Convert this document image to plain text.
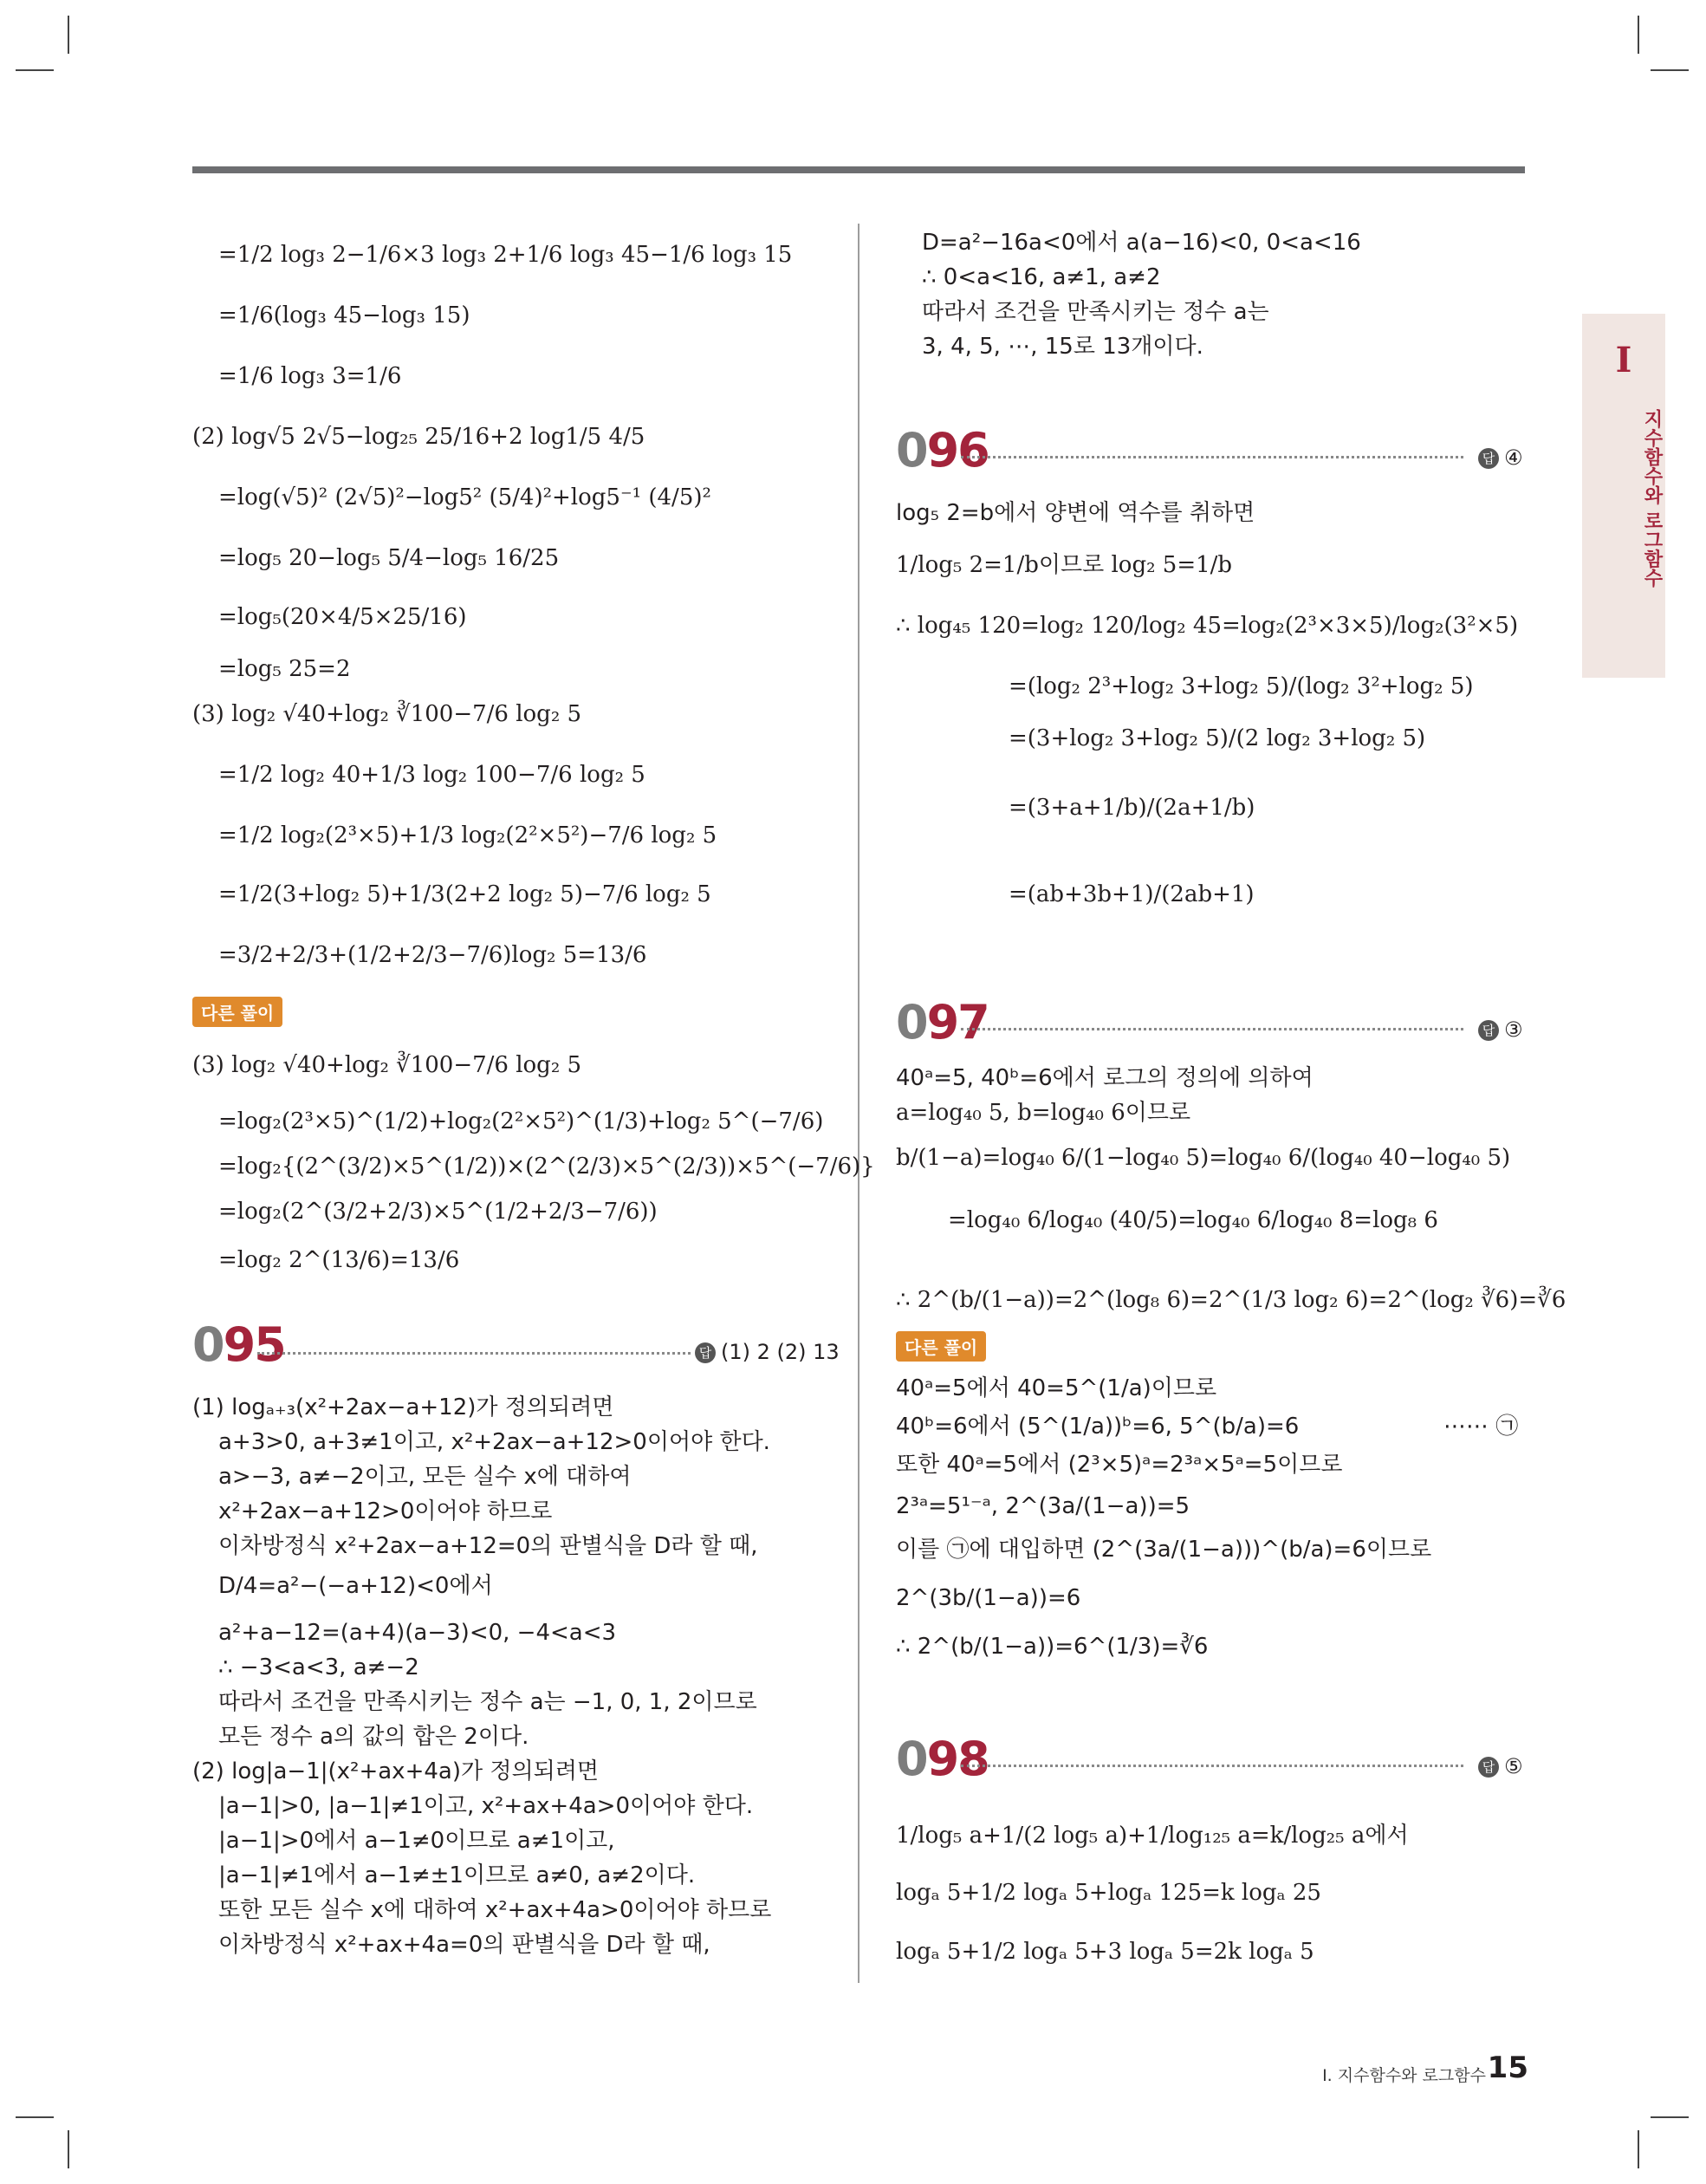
=1/2 log₃ 2−1/6×3 log₃ 2+1/6 log₃ 45−1/6 log₃ 15
=1/6(log₃ 45−log₃ 15)
=1/6 log₃ 3=1/6
(2) log√5 2√5−log₂₅ 25/16+2 log1/5 4/5
=log(√5)² (2√5)²−log5² (5/4)²+log5⁻¹ (4/5)²
=log₅ 20−log₅ 5/4−log₅ 16/25
=log₅(20×4/5×25/16)
=log₅ 25=2
(3) log₂ √40+log₂ ∛100−7/6 log₂ 5
=1/2 log₂ 40+1/3 log₂ 100−7/6 log₂ 5
=1/2 log₂(2³×5)+1/3 log₂(2²×5²)−7/6 log₂ 5
=1/2(3+log₂ 5)+1/3(2+2 log₂ 5)−7/6 log₂ 5
=3/2+2/3+(1/2+2/3−7/6)log₂ 5=13/6
다른 풀이
(3) log₂ √40+log₂ ∛100−7/6 log₂ 5
=log₂(2³×5)^(1/2)+log₂(2²×5²)^(1/3)+log₂ 5^(−7/6)
=log₂{(2^(3/2)×5^(1/2))×(2^(2/3)×5^(2/3))×5^(−7/6)}
=log₂(2^(3/2+2/3)×5^(1/2+2/3−7/6))
=log₂ 2^(13/6)=13/6
095	답 (1) 2 (2) 13
(1) logₐ₊₃(x²+2ax−a+12)가 정의되려면
a+3>0, a+3≠1이고, x²+2ax−a+12>0이어야 한다.
a>−3, a≠−2이고, 모든 실수 x에 대하여
x²+2ax−a+12>0이어야 하므로
이차방정식 x²+2ax−a+12=0의 판별식을 D라 할 때,
D/4=a²−(−a+12)<0에서
a²+a−12=(a+4)(a−3)<0, −4<a<3
∴ −3<a<3, a≠−2
따라서 조건을 만족시키는 정수 a는 −1, 0, 1, 2이므로
모든 정수 a의 값의 합은 2이다.
(2) log|a−1|(x²+ax+4a)가 정의되려면
|a−1|>0, |a−1|≠1이고, x²+ax+4a>0이어야 한다.
|a−1|>0에서 a−1≠0이므로 a≠1이고,
|a−1|≠1에서 a−1≠±1이므로 a≠0, a≠2이다.
또한 모든 실수 x에 대하여 x²+ax+4a>0이어야 하므로
이차방정식 x²+ax+4a=0의 판별식을 D라 할 때,
D=a²−16a<0에서 a(a−16)<0, 0<a<16
∴ 0<a<16, a≠1, a≠2
따라서 조건을 만족시키는 정수 a는
3, 4, 5, ⋯, 15로 13개이다.
096	답 ④
log₅ 2=b에서 양변에 역수를 취하면
1/log₅ 2=1/b이므로 log₂ 5=1/b
∴ log₄₅ 120=log₂ 120/log₂ 45=log₂(2³×3×5)/log₂(3²×5)
=(log₂ 2³+log₂ 3+log₂ 5)/(log₂ 3²+log₂ 5)
=(3+log₂ 3+log₂ 5)/(2 log₂ 3+log₂ 5)
=(3+a+1/b)/(2a+1/b)
=(ab+3b+1)/(2ab+1)
097	답 ③
40ᵃ=5, 40ᵇ=6에서 로그의 정의에 의하여
a=log₄₀ 5, b=log₄₀ 6이므로
b/(1−a)=log₄₀ 6/(1−log₄₀ 5)=log₄₀ 6/(log₄₀ 40−log₄₀ 5)
=log₄₀ 6/log₄₀ (40/5)=log₄₀ 6/log₄₀ 8=log₈ 6
∴ 2^(b/(1−a))=2^(log₈ 6)=2^(1/3 log₂ 6)=2^(log₂ ∛6)=∛6
다른 풀이
40ᵃ=5에서 40=5^(1/a)이므로
40ᵇ=6에서 (5^(1/a))ᵇ=6, 5^(b/a)=6	⋯⋯ ㉠
또한 40ᵃ=5에서 (2³×5)ᵃ=2³ᵃ×5ᵃ=5이므로
2³ᵃ=5¹⁻ᵃ, 2^(3a/(1−a))=5
이를 ㉠에 대입하면 (2^(3a/(1−a)))^(b/a)=6이므로
2^(3b/(1−a))=6
∴ 2^(b/(1−a))=6^(1/3)=∛6
098	답 ⑤
1/log₅ a+1/(2 log₅ a)+1/log₁₂₅ a=k/log₂₅ a에서
logₐ 5+1/2 logₐ 5+logₐ 125=k logₐ 25
logₐ 5+1/2 logₐ 5+3 logₐ 5=2k logₐ 5
I
지수함수와 로그함수
Ⅰ. 지수함수와 로그함수 15
